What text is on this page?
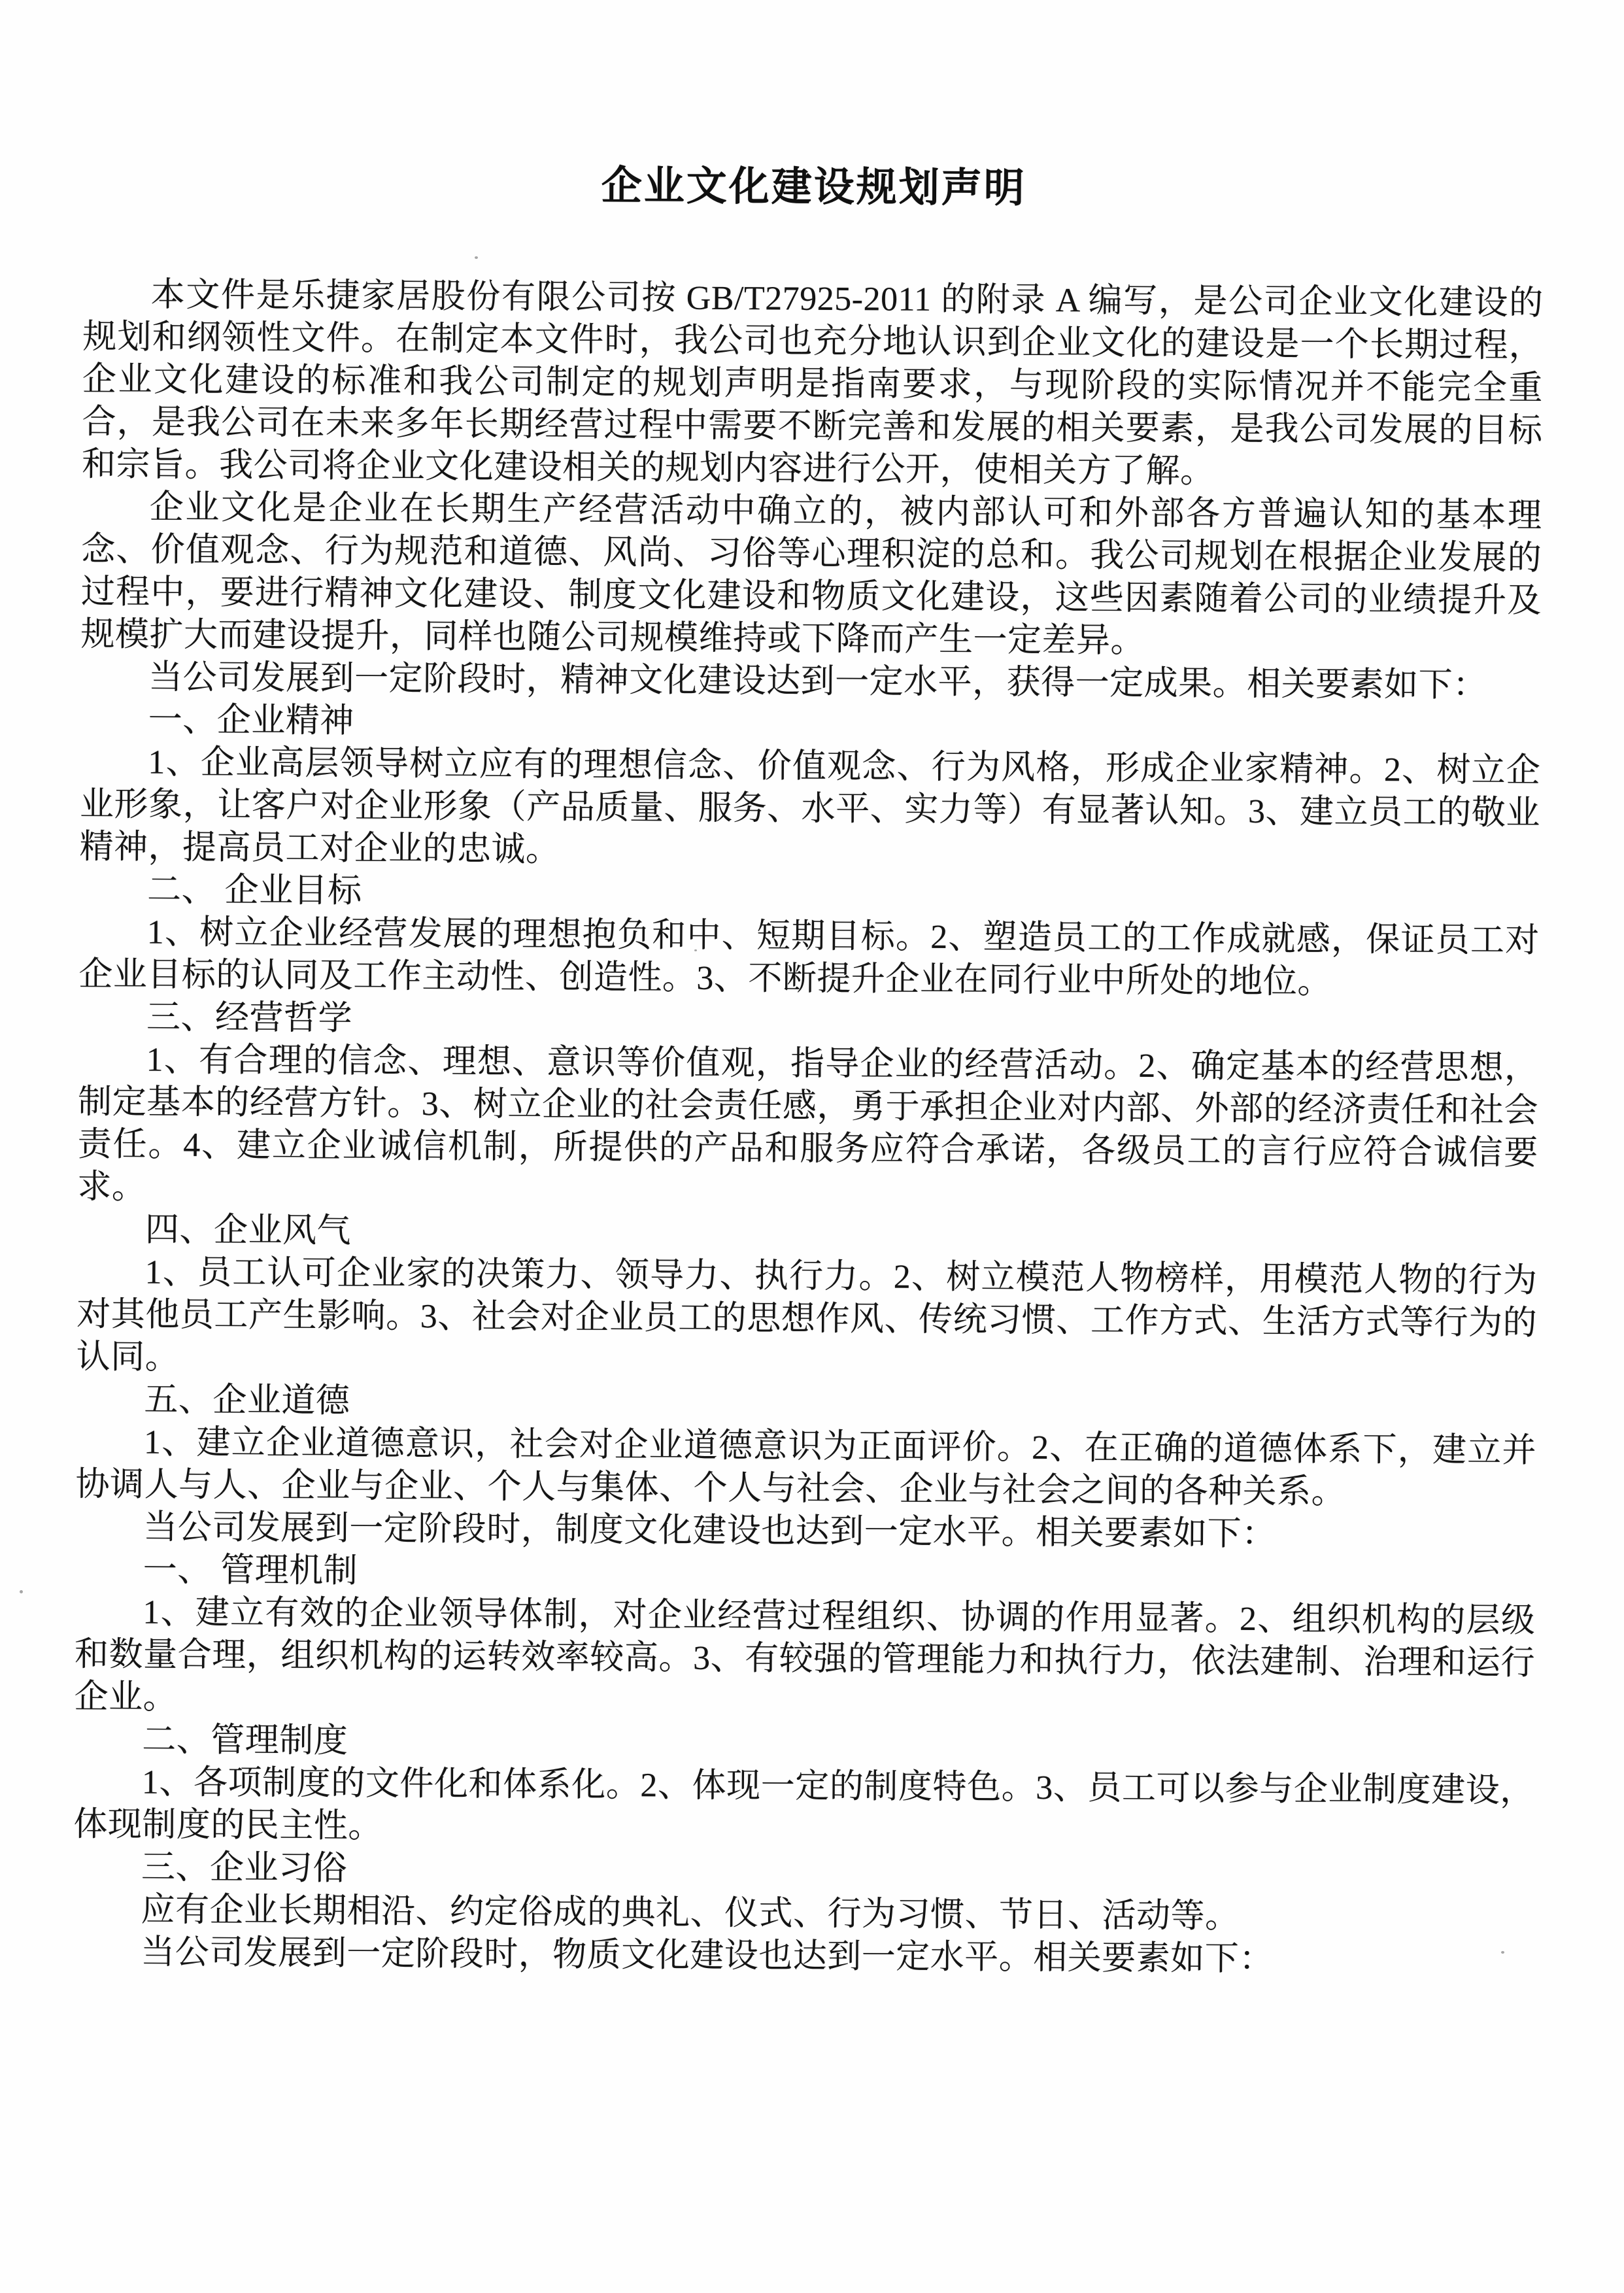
企业文化建设规划声明

本文件是乐捷家居股份有限公司按 GB/T27925-2011 的附录 A 编写，是公司企业文化建设的规划和纲领性文件。在制定本文件时，我公司也充分地认识到企业文化的建设是一个长期过程，企业文化建设的标准和我公司制定的规划声明是指南要求，与现阶段的实际情况并不能完全重合，是我公司在未来多年长期经营过程中需要不断完善和发展的相关要素，是我公司发展的目标和宗旨。我公司将企业文化建设相关的规划内容进行公开，使相关方了解。

企业文化是企业在长期生产经营活动中确立的，被内部认可和外部各方普遍认知的基本理念、价值观念、行为规范和道德、风尚、习俗等心理积淀的总和。我公司规划在根据企业发展的过程中，要进行精神文化建设、制度文化建设和物质文化建设，这些因素随着公司的业绩提升及规模扩大而建设提升，同样也随公司规模维持或下降而产生一定差异。

当公司发展到一定阶段时，精神文化建设达到一定水平，获得一定成果。相关要素如下：

一、企业精神

1、企业高层领导树立应有的理想信念、价值观念、行为风格，形成企业家精神。2、树立企业形象，让客户对企业形象（产品质量、服务、水平、实力等）有显著认知。3、建立员工的敬业精神，提高员工对企业的忠诚。

二、 企业目标

1、树立企业经营发展的理想抱负和中、短期目标。2、塑造员工的工作成就感，保证员工对企业目标的认同及工作主动性、创造性。3、不断提升企业在同行业中所处的地位。

三、经营哲学

1、有合理的信念、理想、意识等价值观，指导企业的经营活动。2、确定基本的经营思想，制定基本的经营方针。3、树立企业的社会责任感，勇于承担企业对内部、外部的经济责任和社会责任。4、建立企业诚信机制，所提供的产品和服务应符合承诺，各级员工的言行应符合诚信要求。

四、企业风气

1、员工认可企业家的决策力、领导力、执行力。2、树立模范人物榜样，用模范人物的行为对其他员工产生影响。3、社会对企业员工的思想作风、传统习惯、工作方式、生活方式等行为的认同。

五、企业道德

1、建立企业道德意识，社会对企业道德意识为正面评价。2、在正确的道德体系下，建立并协调人与人、企业与企业、个人与集体、个人与社会、企业与社会之间的各种关系。

当公司发展到一定阶段时，制度文化建设也达到一定水平。相关要素如下：

一、 管理机制

1、建立有效的企业领导体制，对企业经营过程组织、协调的作用显著。2、组织机构的层级和数量合理，组织机构的运转效率较高。3、有较强的管理能力和执行力，依法建制、治理和运行企业。

二、管理制度

1、各项制度的文件化和体系化。2、体现一定的制度特色。3、员工可以参与企业制度建设，体现制度的民主性。

三、企业习俗

应有企业长期相沿、约定俗成的典礼、仪式、行为习惯、节日、活动等。

当公司发展到一定阶段时，物质文化建设也达到一定水平。相关要素如下：
